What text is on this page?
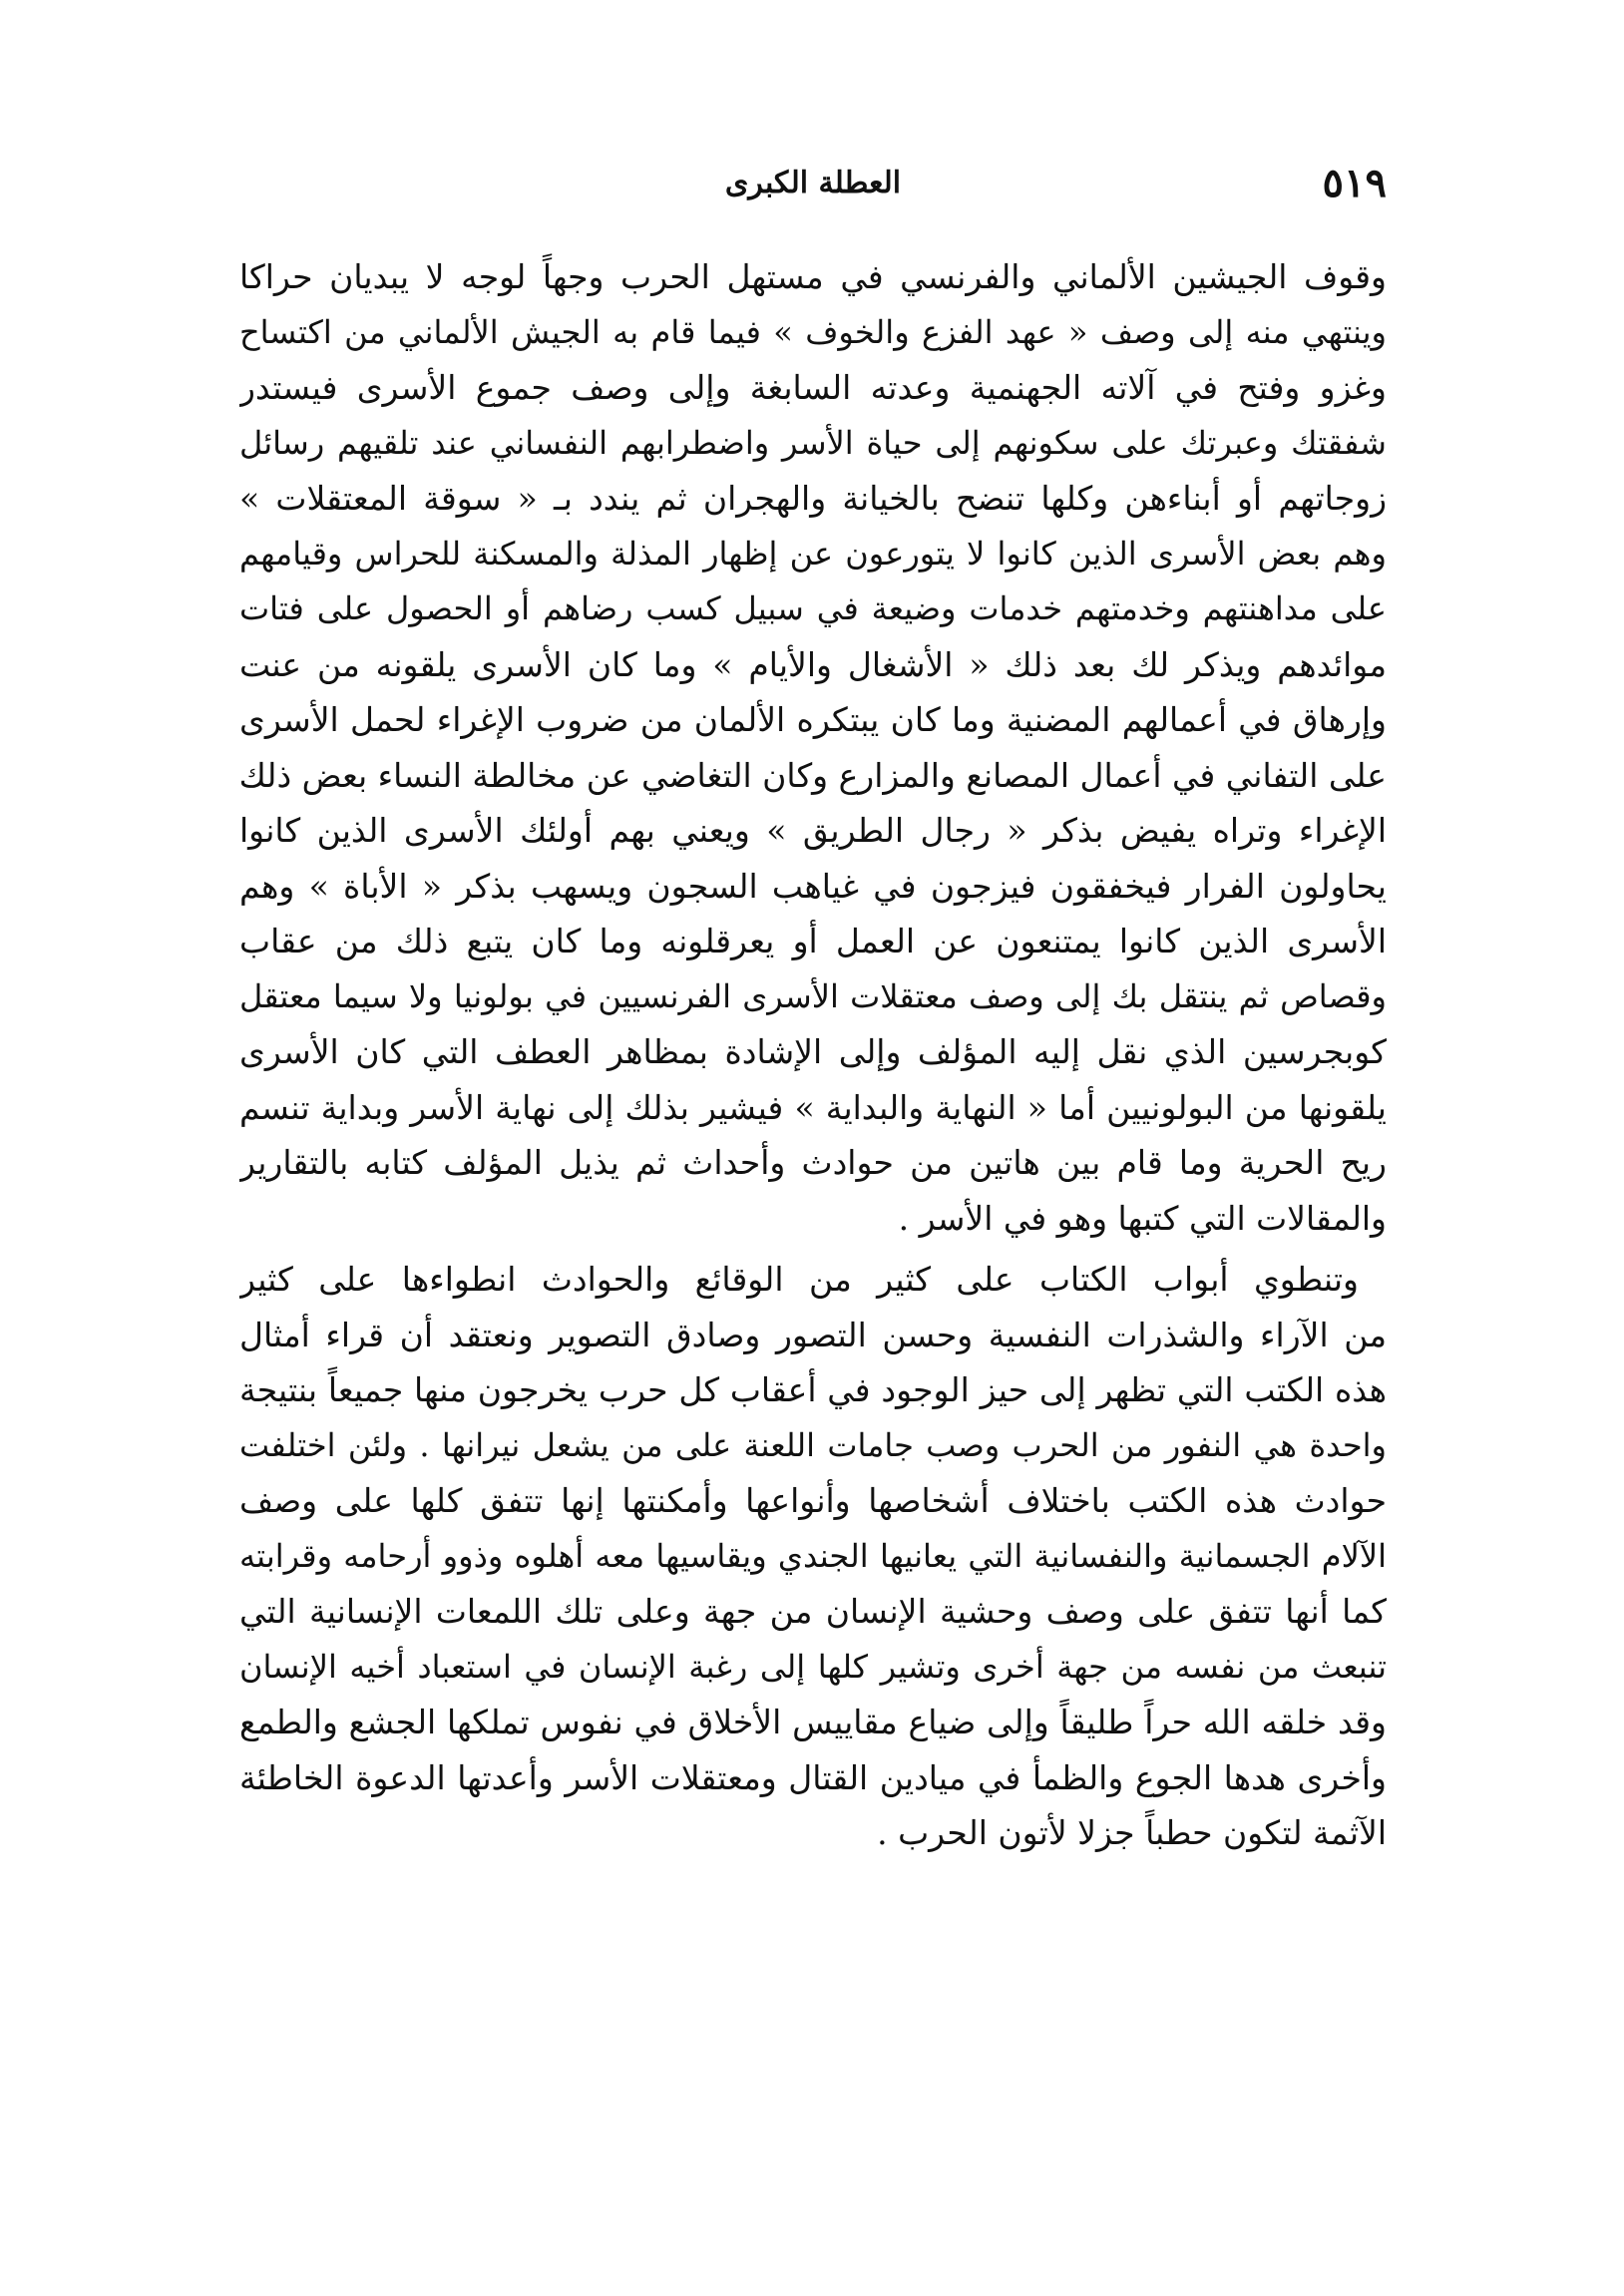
٥١٩
العطلة الكبرى
وقوف الجيشين الألماني والفرنسي في مستهل الحرب وجهاً لوجه لا يبديان حراكا
وينتهي منه إلى وصف « عهد الفزع والخوف » فيما قام به الجيش الألماني من اكتساح
وغزو وفتح في آلاته الجهنمية وعدته السابغة وإلى وصف جموع الأسرى فيستدر
شفقتك وعبرتك على سكونهم إلى حياة الأسر واضطرابهم النفساني عند تلقيهم رسائل
زوجاتهم أو أبناءهن وكلها تنضح بالخيانة والهجران ثم يندد بـ « سوقة المعتقلات »
وهم بعض الأسرى الذين كانوا لا يتورعون عن إظهار المذلة والمسكنة للحراس وقيامهم
على مداهنتهم وخدمتهم خدمات وضيعة في سبيل كسب رضاهم أو الحصول على فتات
موائدهم ويذكر لك بعد ذلك « الأشغال والأيام » وما كان الأسرى يلقونه من عنت
وإرهاق في أعمالهم المضنية وما كان يبتكره الألمان من ضروب الإغراء لحمل الأسرى
على التفاني في أعمال المصانع والمزارع وكان التغاضي عن مخالطة النساء بعض ذلك
الإغراء وتراه يفيض بذكر « رجال الطريق » ويعني بهم أولئك الأسرى الذين كانوا
يحاولون الفرار فيخفقون فيزجون في غياهب السجون ويسهب بذكر « الأباة » وهم
الأسرى الذين كانوا يمتنعون عن العمل أو يعرقلونه وما كان يتبع ذلك من عقاب
وقصاص ثم ينتقل بك إلى وصف معتقلات الأسرى الفرنسيين في بولونيا ولا سيما معتقل
كوبجرسين الذي نقل إليه المؤلف وإلى الإشادة بمظاهر العطف التي كان الأسرى
يلقونها من البولونيين أما « النهاية والبداية » فيشير بذلك إلى نهاية الأسر وبداية تنسم
ريح الحرية وما قام بين هاتين من حوادث وأحداث ثم يذيل المؤلف كتابه بالتقارير
والمقالات التي كتبها وهو في الأسر .
وتنطوي أبواب الكتاب على كثير من الوقائع والحوادث انطواءها على كثير
من الآراء والشذرات النفسية وحسن التصور وصادق التصوير ونعتقد أن قراء أمثال
هذه الكتب التي تظهر إلى حيز الوجود في أعقاب كل حرب يخرجون منها جميعاً بنتيجة
واحدة هي النفور من الحرب وصب جامات اللعنة على من يشعل نيرانها . ولئن اختلفت
حوادث هذه الكتب باختلاف أشخاصها وأنواعها وأمكنتها إنها تتفق كلها على وصف
الآلام الجسمانية والنفسانية التي يعانيها الجندي ويقاسيها معه أهلوه وذوو أرحامه وقرابته
كما أنها تتفق على وصف وحشية الإنسان من جهة وعلى تلك اللمعات الإنسانية التي
تنبعث من نفسه من جهة أخرى وتشير كلها إلى رغبة الإنسان في استعباد أخيه الإنسان
وقد خلقه الله حراً طليقاً وإلى ضياع مقاييس الأخلاق في نفوس تملكها الجشع والطمع
وأخرى هدها الجوع والظمأ في ميادين القتال ومعتقلات الأسر وأعدتها الدعوة الخاطئة
الآثمة لتكون حطباً جزلا لأتون الحرب .
